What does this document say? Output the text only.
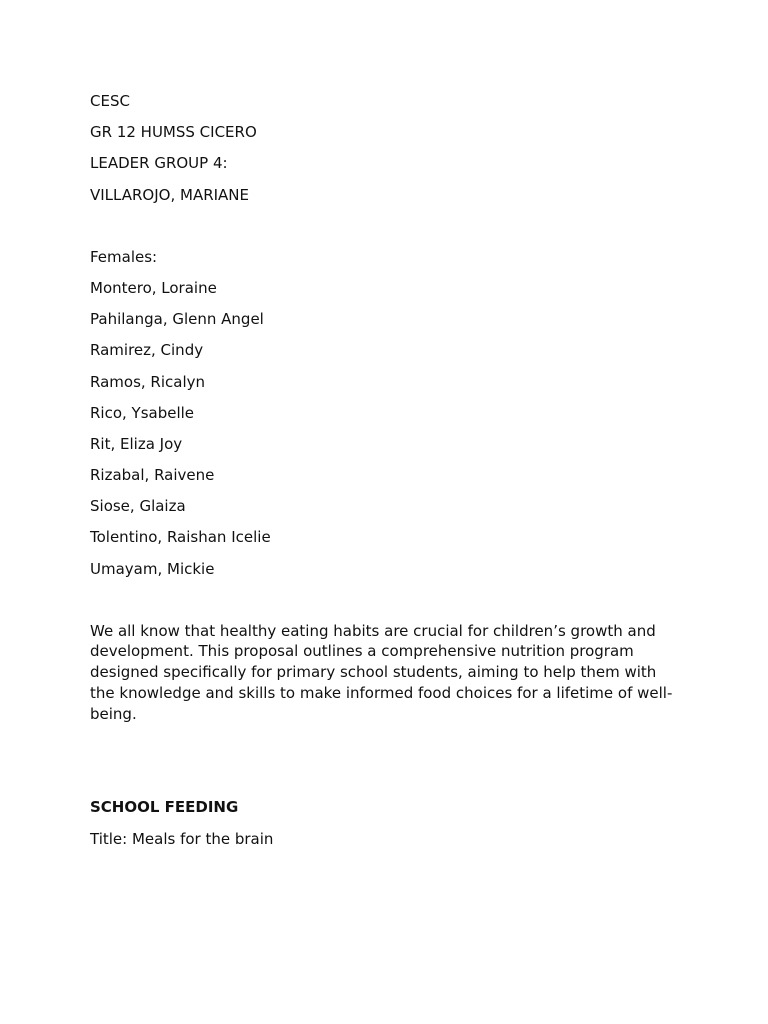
CESC
GR 12 HUMSS CICERO
LEADER GROUP 4:
VILLAROJO, MARIANE
Females:
Montero, Loraine
Pahilanga, Glenn Angel
Ramirez, Cindy
Ramos, Ricalyn
Rico, Ysabelle
Rit, Eliza Joy
Rizabal, Raivene
Siose, Glaiza
Tolentino, Raishan Icelie
Umayam, Mickie
We all know that healthy eating habits are crucial for children’s growth and development. This proposal outlines a comprehensive nutrition program designed specifically for primary school students, aiming to help them with the knowledge and skills to make informed food choices for a lifetime of well-being.
SCHOOL FEEDING
Title: Meals for the brain
